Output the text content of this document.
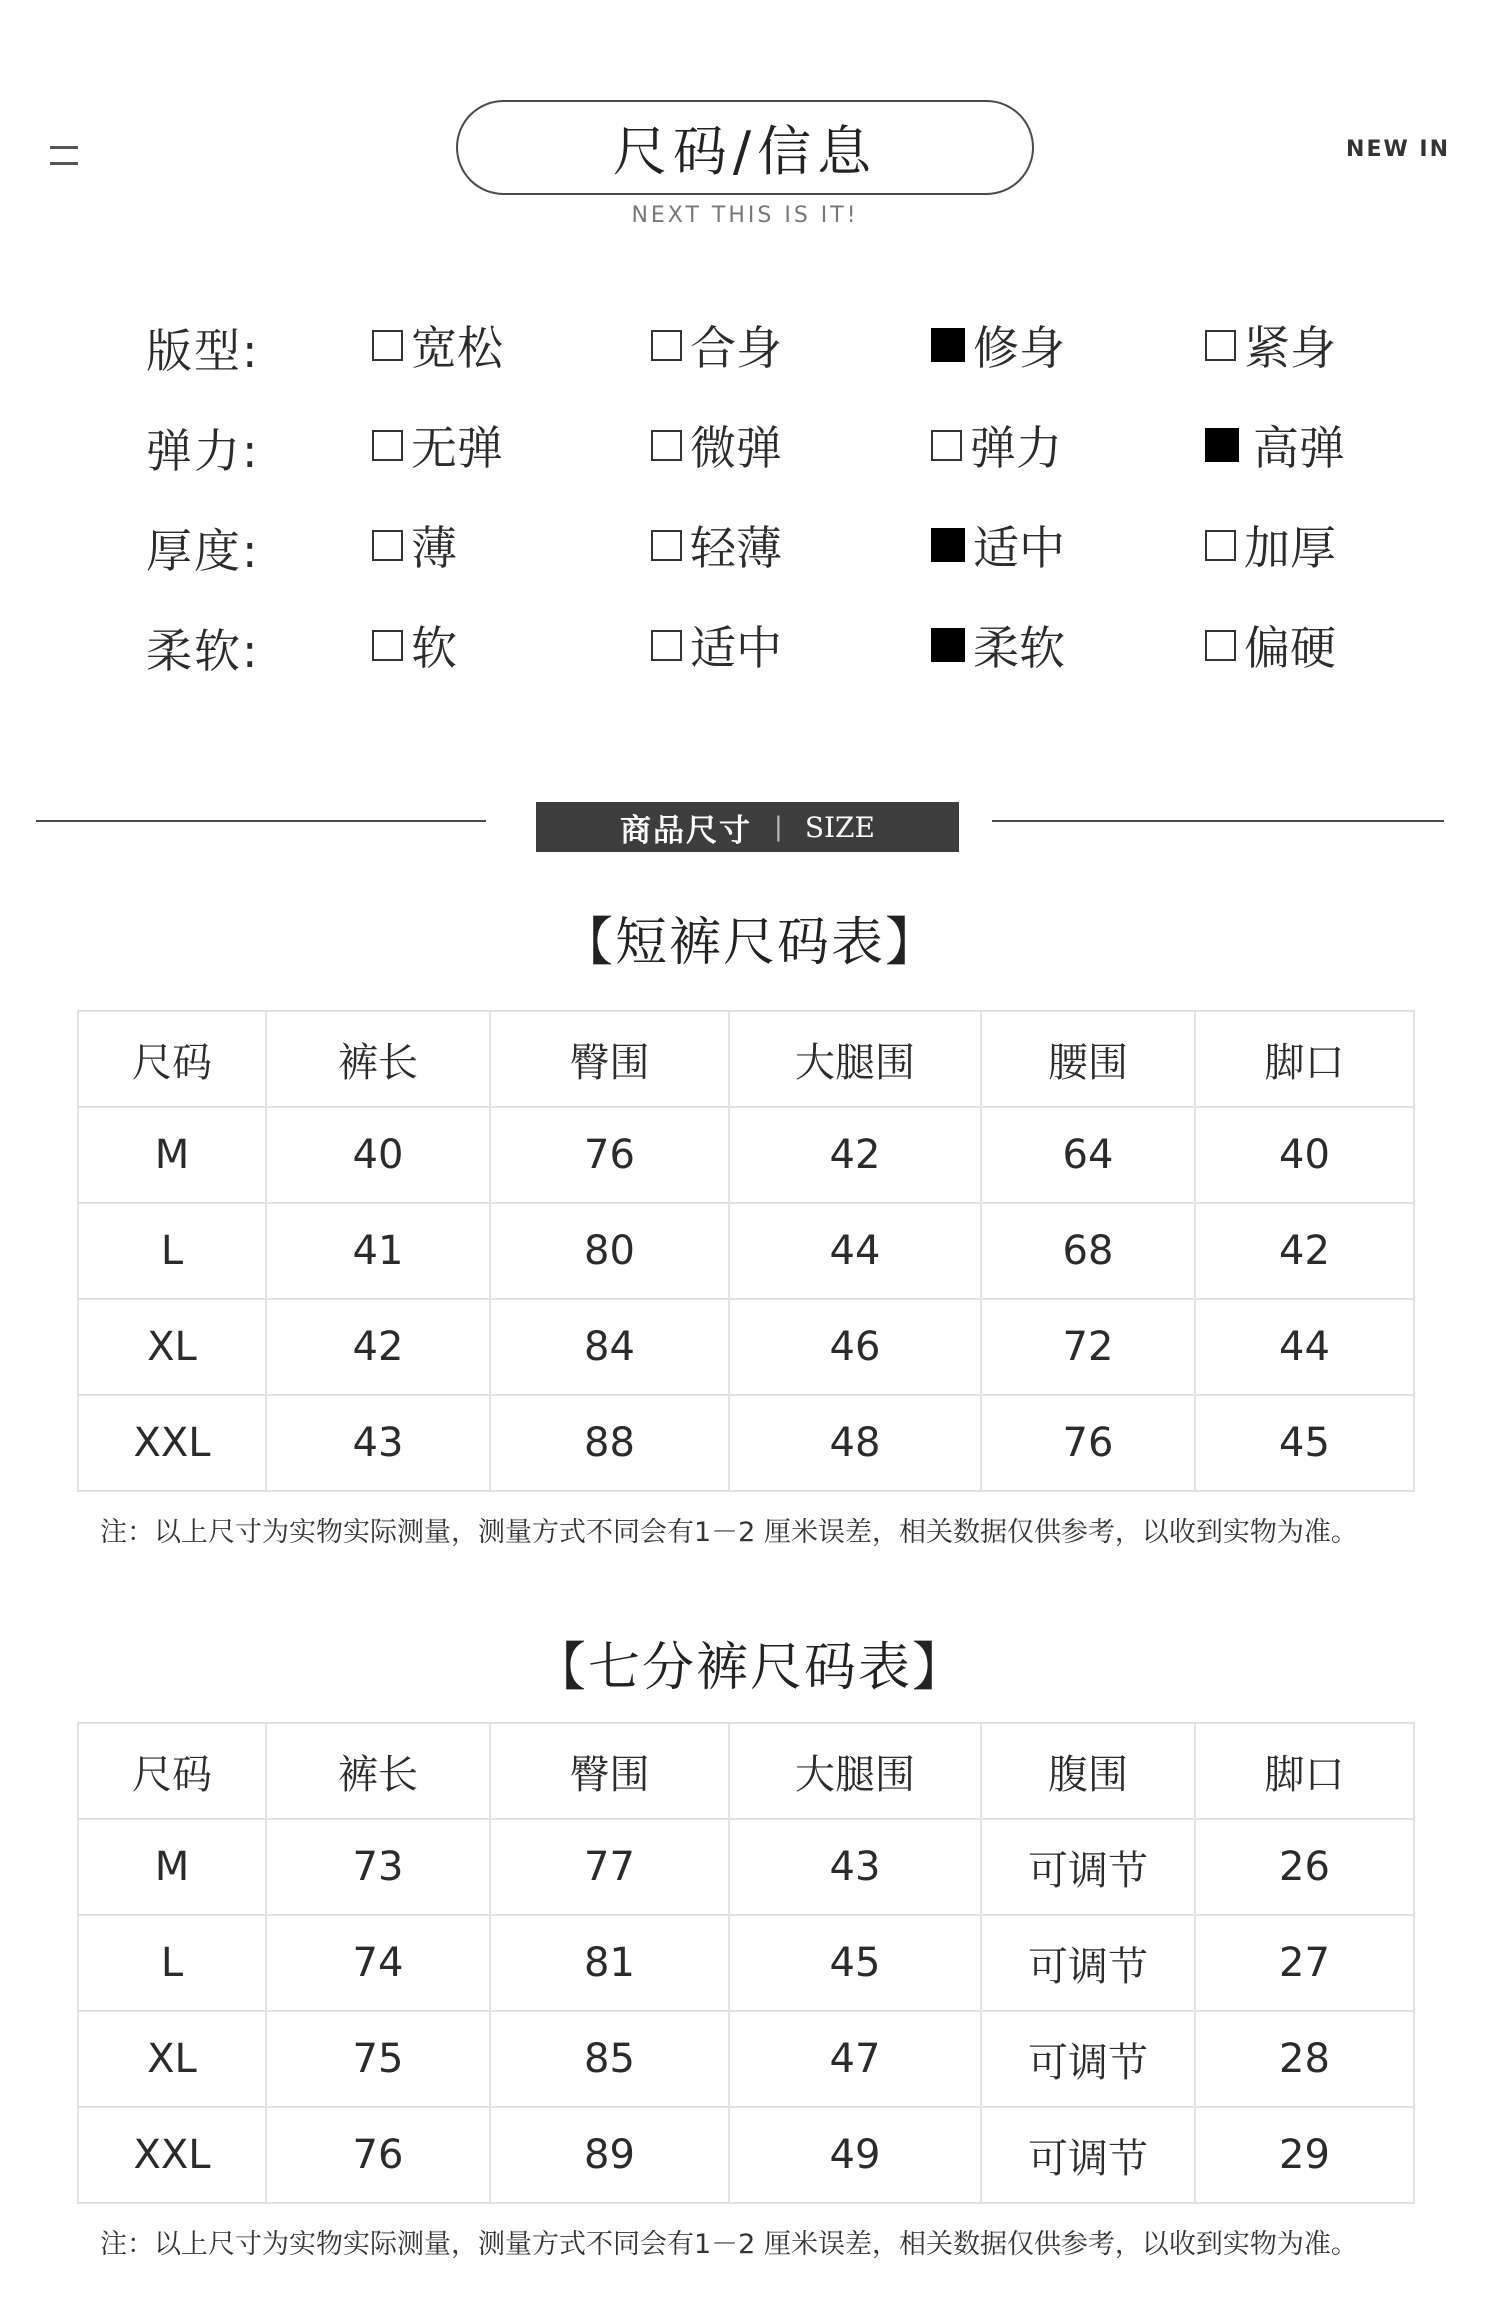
尺码/信息
NEXT THIS IS IT!
NEW IN
版型:	宽松	合身	修身	紧身
弹力:	无弹	微弹	弹力	高弹
厚度:	薄	轻薄	适中	加厚
柔软:	软	适中	柔软	偏硬
商品尺寸 | SIZE
【短裤尺码表】
尺码	裤长	臀围	大腿围	腰围	脚口
M	40	76	42	64	40
L	41	80	44	68	42
XL	42	84	46	72	44
XXL	43	88	48	76	45
注：以上尺寸为实物实际测量，测量方式不同会有1－2 厘米误差，相关数据仅供参考，以收到实物为准。
【七分裤尺码表】
尺码	裤长	臀围	大腿围	腹围	脚口
M	73	77	43	可调节	26
L	74	81	45	可调节	27
XL	75	85	47	可调节	28
XXL	76	89	49	可调节	29
注：以上尺寸为实物实际测量，测量方式不同会有1－2 厘米误差，相关数据仅供参考，以收到实物为准。
